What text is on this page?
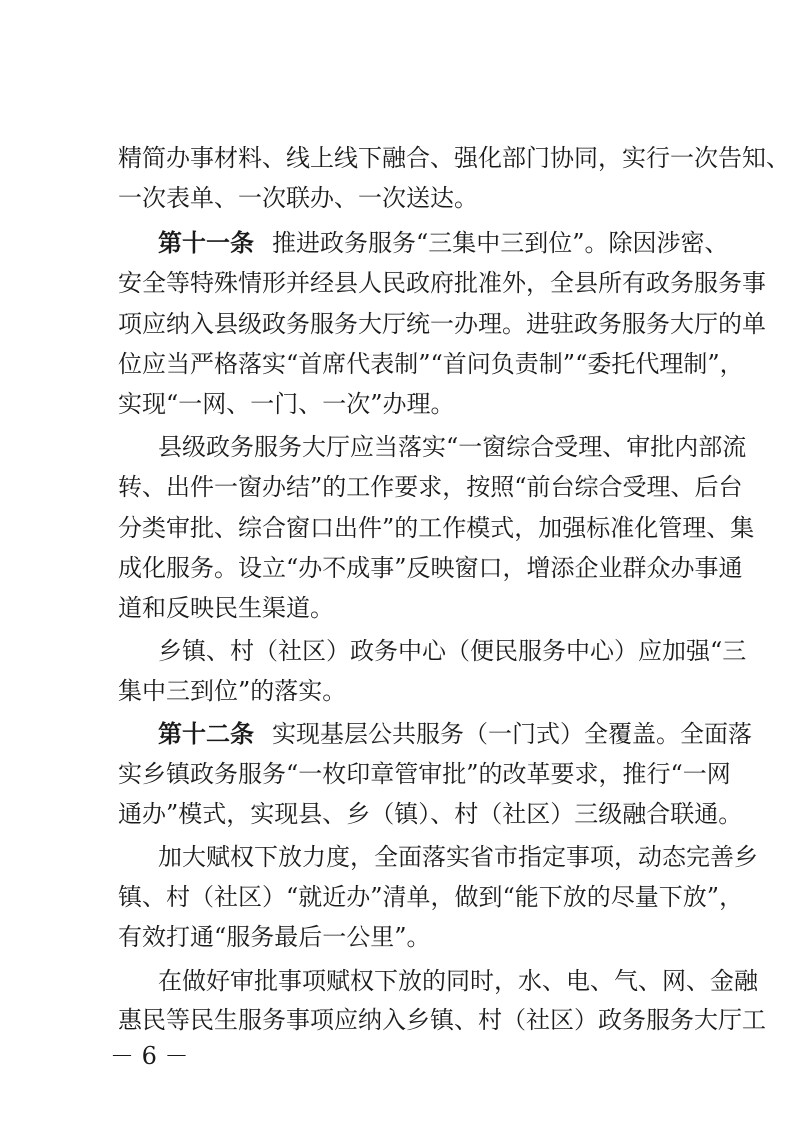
精简办事材料、线上线下融合、强化部门协同，实行一次告知、
一次表单、一次联办、一次送达。
第十一条 推进政务服务“三集中三到位”。除因涉密、
安全等特殊情形并经县人民政府批准外，全县所有政务服务事
项应纳入县级政务服务大厅统一办理。进驻政务服务大厅的单
位应当严格落实“首席代表制”“首问负责制”“委托代理制”，
实现“一网、一门、一次”办理。
县级政务服务大厅应当落实“一窗综合受理、审批内部流
转、出件一窗办结”的工作要求，按照“前台综合受理、后台
分类审批、综合窗口出件”的工作模式，加强标准化管理、集
成化服务。设立“办不成事”反映窗口，增添企业群众办事通
道和反映民生渠道。
乡镇、村（社区）政务中心（便民服务中心）应加强“三
集中三到位”的落实。
第十二条 实现基层公共服务（一门式）全覆盖。全面落
实乡镇政务服务“一枚印章管审批”的改革要求，推行“一网
通办”模式，实现县、乡（镇）、村（社区）三级融合联通。
加大赋权下放力度，全面落实省市指定事项，动态完善乡
镇、村（社区）“就近办”清单，做到“能下放的尽量下放”，
有效打通“服务最后一公里”。
在做好审批事项赋权下放的同时，水、电、气、网、金融
惠民等民生服务事项应纳入乡镇、村（社区）政务服务大厅工
－ 6 －
